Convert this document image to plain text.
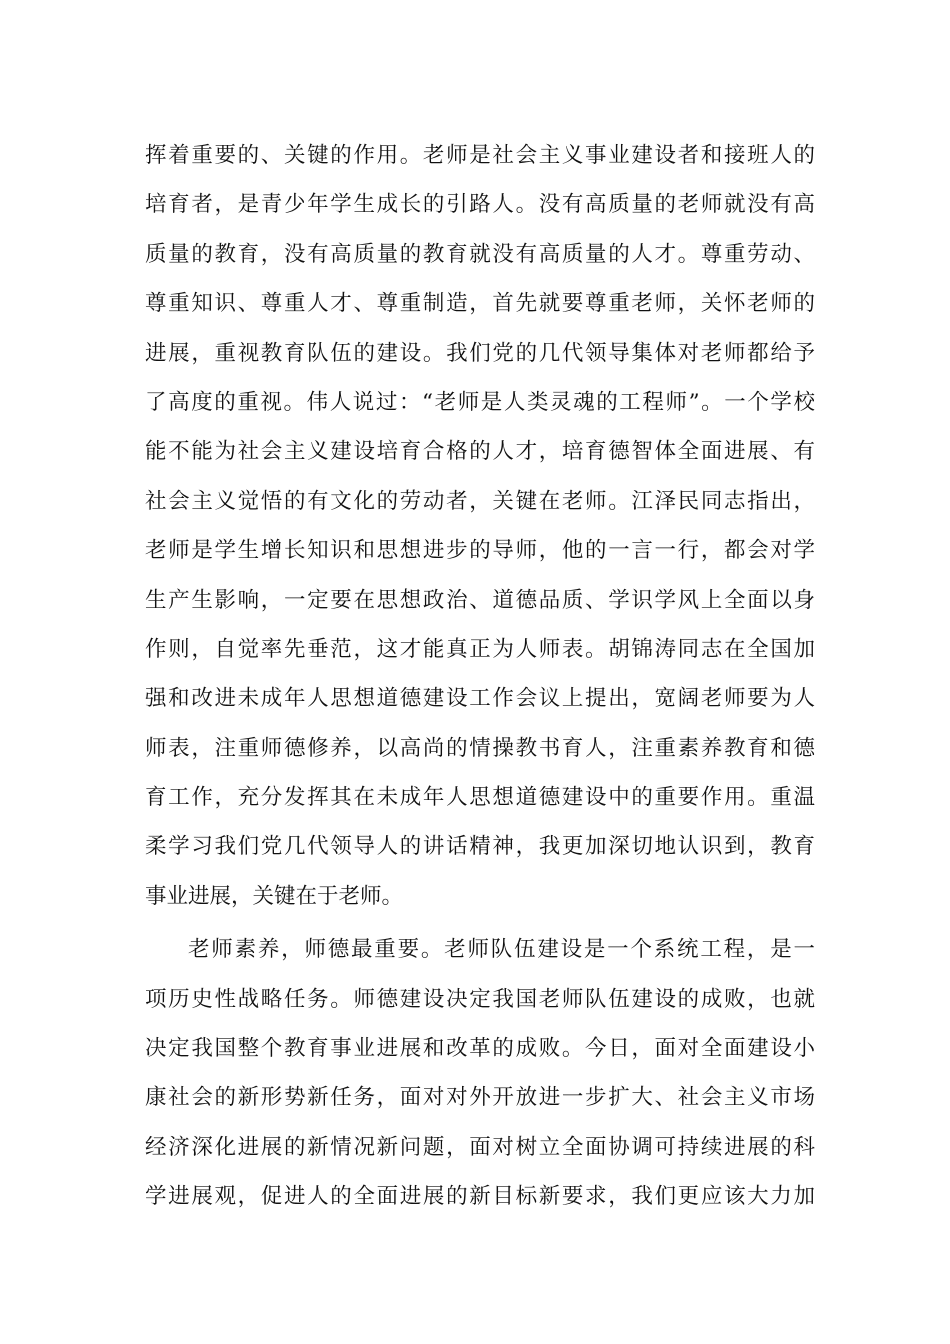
挥着重要的、关键的作用。老师是社会主义事业建设者和接班人的
培育者，是青少年学生成长的引路人。没有高质量的老师就没有高
质量的教育，没有高质量的教育就没有高质量的人才。尊重劳动、
尊重知识、尊重人才、尊重制造，首先就要尊重老师，关怀老师的
进展，重视教育队伍的建设。我们党的几代领导集体对老师都给予
了高度的重视。伟人说过：“老师是人类灵魂的工程师”。一个学校
能不能为社会主义建设培育合格的人才，培育德智体全面进展、有
社会主义觉悟的有文化的劳动者，关键在老师。江泽民同志指出，
老师是学生增长知识和思想进步的导师，他的一言一行，都会对学
生产生影响，一定要在思想政治、道德品质、学识学风上全面以身
作则，自觉率先垂范，这才能真正为人师表。胡锦涛同志在全国加
强和改进未成年人思想道德建设工作会议上提出，宽阔老师要为人
师表，注重师德修养，以高尚的情操教书育人，注重素养教育和德
育工作，充分发挥其在未成年人思想道德建设中的重要作用。重温
柔学习我们党几代领导人的讲话精神，我更加深切地认识到，教育
事业进展，关键在于老师。
老师素养，师德最重要。老师队伍建设是一个系统工程，是一
项历史性战略任务。师德建设决定我国老师队伍建设的成败，也就
决定我国整个教育事业进展和改革的成败。今日，面对全面建设小
康社会的新形势新任务，面对对外开放进一步扩大、社会主义市场
经济深化进展的新情况新问题，面对树立全面协调可持续进展的科
学进展观，促进人的全面进展的新目标新要求，我们更应该大力加
